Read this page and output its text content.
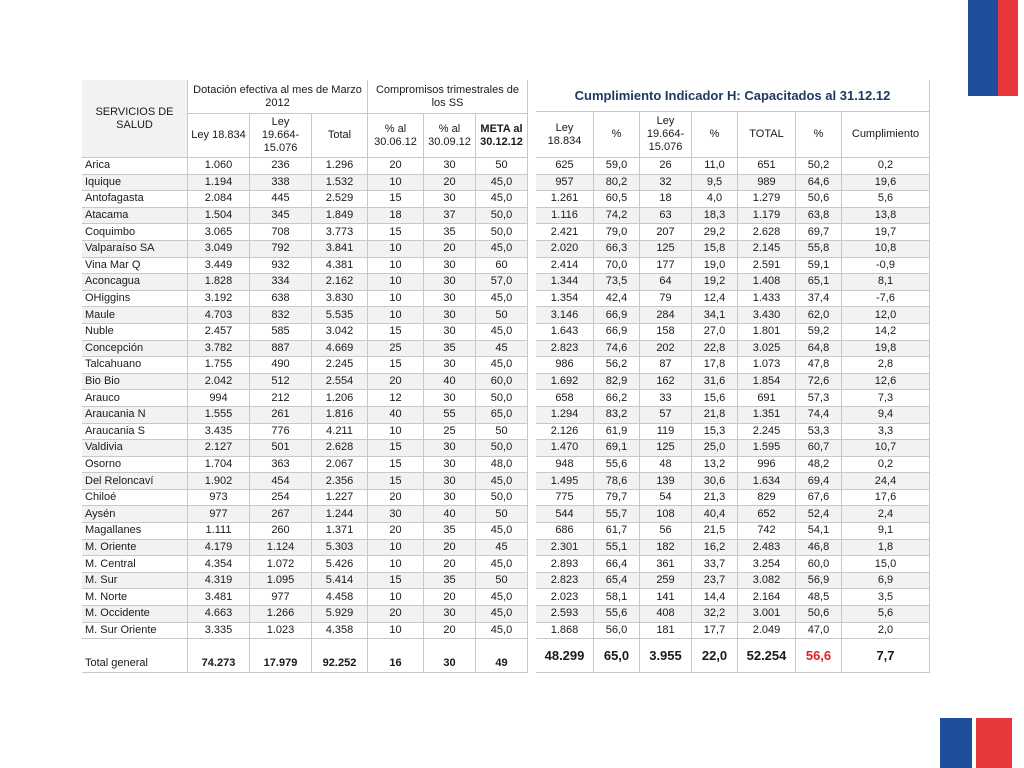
SERVICIOS DE SALUD	Dotación efectiva al mes de Marzo 2012			Compromisos trimestrales de los SS		
	Ley 18.834	Ley 19.664-15.076	Total	% al 30.06.12	% al 30.09.12	META al 30.12.12
Arica	1.060	236	1.296	20	30	50
Iquique	1.194	338	1.532	10	20	45,0
Antofagasta	2.084	445	2.529	15	30	45,0
Atacama	1.504	345	1.849	18	37	50,0
Coquimbo	3.065	708	3.773	15	35	50,0
Valparaíso SA	3.049	792	3.841	10	20	45,0
Vina Mar Q	3.449	932	4.381	10	30	60
Aconcagua	1.828	334	2.162	10	30	57,0
OHiggins	3.192	638	3.830	10	30	45,0
Maule	4.703	832	5.535	10	30	50
Nuble	2.457	585	3.042	15	30	45,0
Concepción	3.782	887	4.669	25	35	45
Talcahuano	1.755	490	2.245	15	30	45,0
Bio Bio	2.042	512	2.554	20	40	60,0
Arauco	994	212	1.206	12	30	50,0
Araucania N	1.555	261	1.816	40	55	65,0
Araucania S	3.435	776	4.211	10	25	50
Valdivia	2.127	501	2.628	15	30	50,0
Osorno	1.704	363	2.067	15	30	48,0
Del Reloncaví	1.902	454	2.356	15	30	45,0
Chiloé	973	254	1.227	20	30	50,0
Aysén	977	267	1.244	30	40	50
Magallanes	1.111	260	1.371	20	35	45,0
M. Oriente	4.179	1.124	5.303	10	20	45
M. Central	4.354	1.072	5.426	10	20	45,0
M. Sur	4.319	1.095	5.414	15	35	50
M. Norte	3.481	977	4.458	10	20	45,0
M. Occidente	4.663	1.266	5.929	20	30	45,0
M. Sur Oriente	3.335	1.023	4.358	10	20	45,0
Total general	74.273	17.979	92.252	16	30	49
Cumplimiento Indicador H: Capacitados al 31.12.12						
Ley 18.834	%	Ley 19.664-15.076	%	TOTAL	%	Cumplimiento
625	59,0	26	11,0	651	50,2	0,2
957	80,2	32	9,5	989	64,6	19,6
1.261	60,5	18	4,0	1.279	50,6	5,6
1.116	74,2	63	18,3	1.179	63,8	13,8
2.421	79,0	207	29,2	2.628	69,7	19,7
2.020	66,3	125	15,8	2.145	55,8	10,8
2.414	70,0	177	19,0	2.591	59,1	-0,9
1.344	73,5	64	19,2	1.408	65,1	8,1
1.354	42,4	79	12,4	1.433	37,4	-7,6
3.146	66,9	284	34,1	3.430	62,0	12,0
1.643	66,9	158	27,0	1.801	59,2	14,2
2.823	74,6	202	22,8	3.025	64,8	19,8
986	56,2	87	17,8	1.073	47,8	2,8
1.692	82,9	162	31,6	1.854	72,6	12,6
658	66,2	33	15,6	691	57,3	7,3
1.294	83,2	57	21,8	1.351	74,4	9,4
2.126	61,9	119	15,3	2.245	53,3	3,3
1.470	69,1	125	25,0	1.595	60,7	10,7
948	55,6	48	13,2	996	48,2	0,2
1.495	78,6	139	30,6	1.634	69,4	24,4
775	79,7	54	21,3	829	67,6	17,6
544	55,7	108	40,4	652	52,4	2,4
686	61,7	56	21,5	742	54,1	9,1
2.301	55,1	182	16,2	2.483	46,8	1,8
2.893	66,4	361	33,7	3.254	60,0	15,0
2.823	65,4	259	23,7	3.082	56,9	6,9
2.023	58,1	141	14,4	2.164	48,5	3,5
2.593	55,6	408	32,2	3.001	50,6	5,6
1.868	56,0	181	17,7	2.049	47,0	2,0
48.299	65,0	3.955	22,0	52.254	56,6	7,7
